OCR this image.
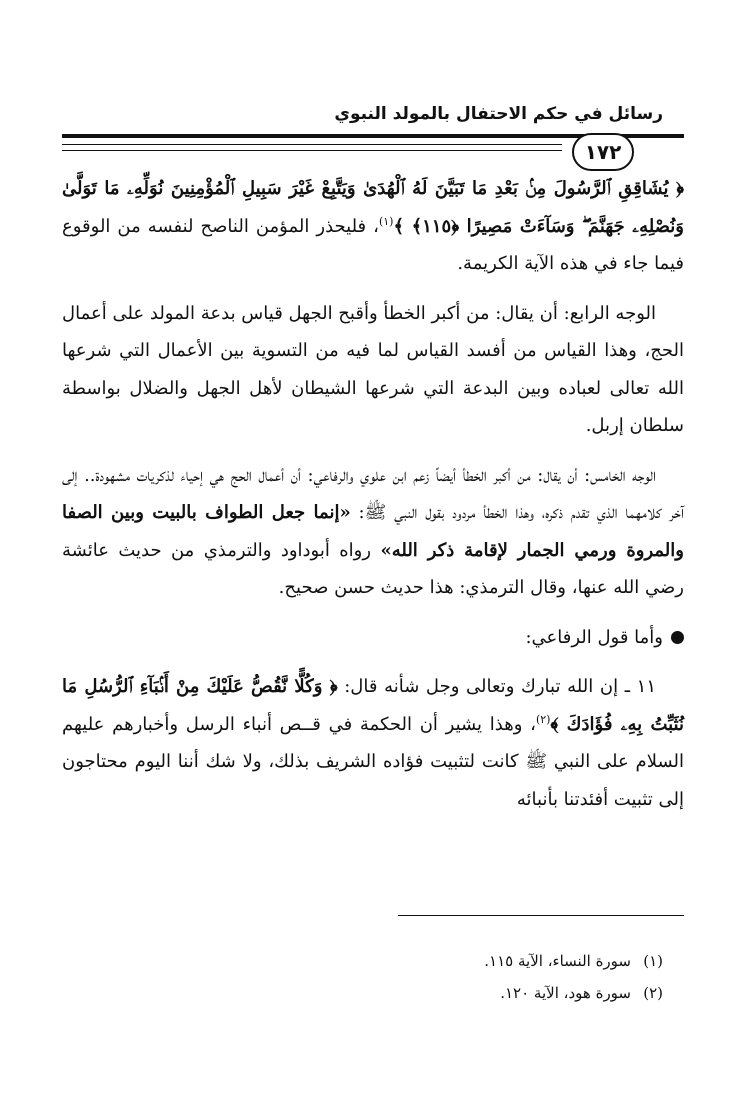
رسائل في حكم الاحتفال بالمولد النبوي
١٧٢

﴿ يُشَاقِقِ ٱلرَّسُولَ مِنۢ بَعْدِ مَا تَبَيَّنَ لَهُ ٱلْهُدَىٰ وَيَتَّبِعْ غَيْرَ سَبِيلِ ٱلْمُؤْمِنِينَ نُوَلِّهِۦ مَا تَوَلَّىٰ وَنُصْلِهِۦ جَهَنَّمَ ۖ وَسَآءَتْ مَصِيرًا ﴿١١٥﴾ ﴾$^{(١)}$، فليحذر المؤمن الناصح لنفسه من الوقوع فيما جاء في هذه الآية الكريمة.

الوجه الرابع: أن يقال: من أكبر الخطأ وأقبح الجهل قياس بدعة المولد على أعمال الحج، وهذا القياس من أفسد القياس لما فيه من التسوية بين الأعمال التي شرعها الله تعالى لعباده وبين البدعة التي شرعها الشيطان لأهل الجهل والضلال بواسطة سلطان إربل.

الوجه الخامس: أن يقال: من أكبر الخطأ أيضاً زعم ابن علوي والرفاعي: أن أعمال الحج هي إحياء لذكريات مشهودة.. إلى آخر كلامهما الذي تقدم ذكره، وهذا الخطأ مردود بقول النبي ﷺ: «إنما جعل الطواف بالبيت وبين الصفا والمروة ورمي الجمار لإقامة ذكر الله» رواه أبوداود والترمذي من حديث عائشة رضي الله عنها، وقال الترمذي: هذا حديث حسن صحيح.

وأما قول الرفاعي:

١١ ـ إن الله تبارك وتعالى وجل شأنه قال: ﴿ وَكُلًّا نَّقُصُّ عَلَيْكَ مِنْ أَنۢبَآءِ ٱلرُّسُلِ مَا نُثَبِّتُ بِهِۦ فُؤَادَكَ ﴾$^{(٢)}$، وهذا يشير أن الحكمة في قــص أنباء الرسل وأخبارهم عليهم السلام على النبي ﷺ كانت لتثبيت فؤاده الشريف بذلك، ولا شك أننا اليوم محتاجون إلى تثبيت أفئدتنا بأنبائه

(١)سورة النساء، الآية ١١٥.
(٢)سورة هود، الآية ١٢٠.
